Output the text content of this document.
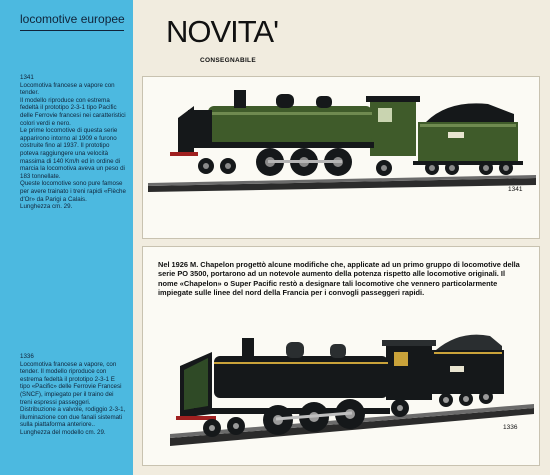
locomotive europee

1341

Locomotiva francese a vapore con tender.

Il modello riproduce con estrema fedeltà il prototipo 2-3-1 tipo Pacific delle Ferrovie francesi nei caratteristici colori verdi e nero.

Le prime locomotive di questa serie apparirono intorno al 1909 e furono costruite fino al 1937. Il prototipo poteva raggiungere una velocità massima di 140 Km/h ed in ordine di marcia la locomotiva aveva un peso di 183 tonnellate.

Queste locomotive sono pure famose per avere trainato i treni rapidi «Flèche d'Or» da Parigi a Calais.

Lunghezza cm. 29.

1336

Locomotiva francese a vapore, con tender. Il modello riproduce con estrema fedeltà il prototipo 2-3-1 E tipo «Pacific» delle Ferrovie Francesi (SNCF), impiegato per il traino dei treni espressi passeggeri.

Distribuzione a valvole, rodiggio 2-3-1, illuminazione con due fanali sistemati sulla piattaforma anteriore.. Lunghezza del modello cm. 29.

NOVITA'
CONSEGNABILE
1341
Nel 1926 M. Chapelon progettò alcune modifiche che, applicate ad un primo gruppo di locomotive della serie PO 3500, portarono ad un notevole aumento della potenza rispetto alle locomotive originali. Il nome «Chapelon» o Super Pacific restò a designare tali locomotive che vennero particolarmente impiegate sulle linee del nord della Francia per i convogli passeggeri rapidi.
1336
